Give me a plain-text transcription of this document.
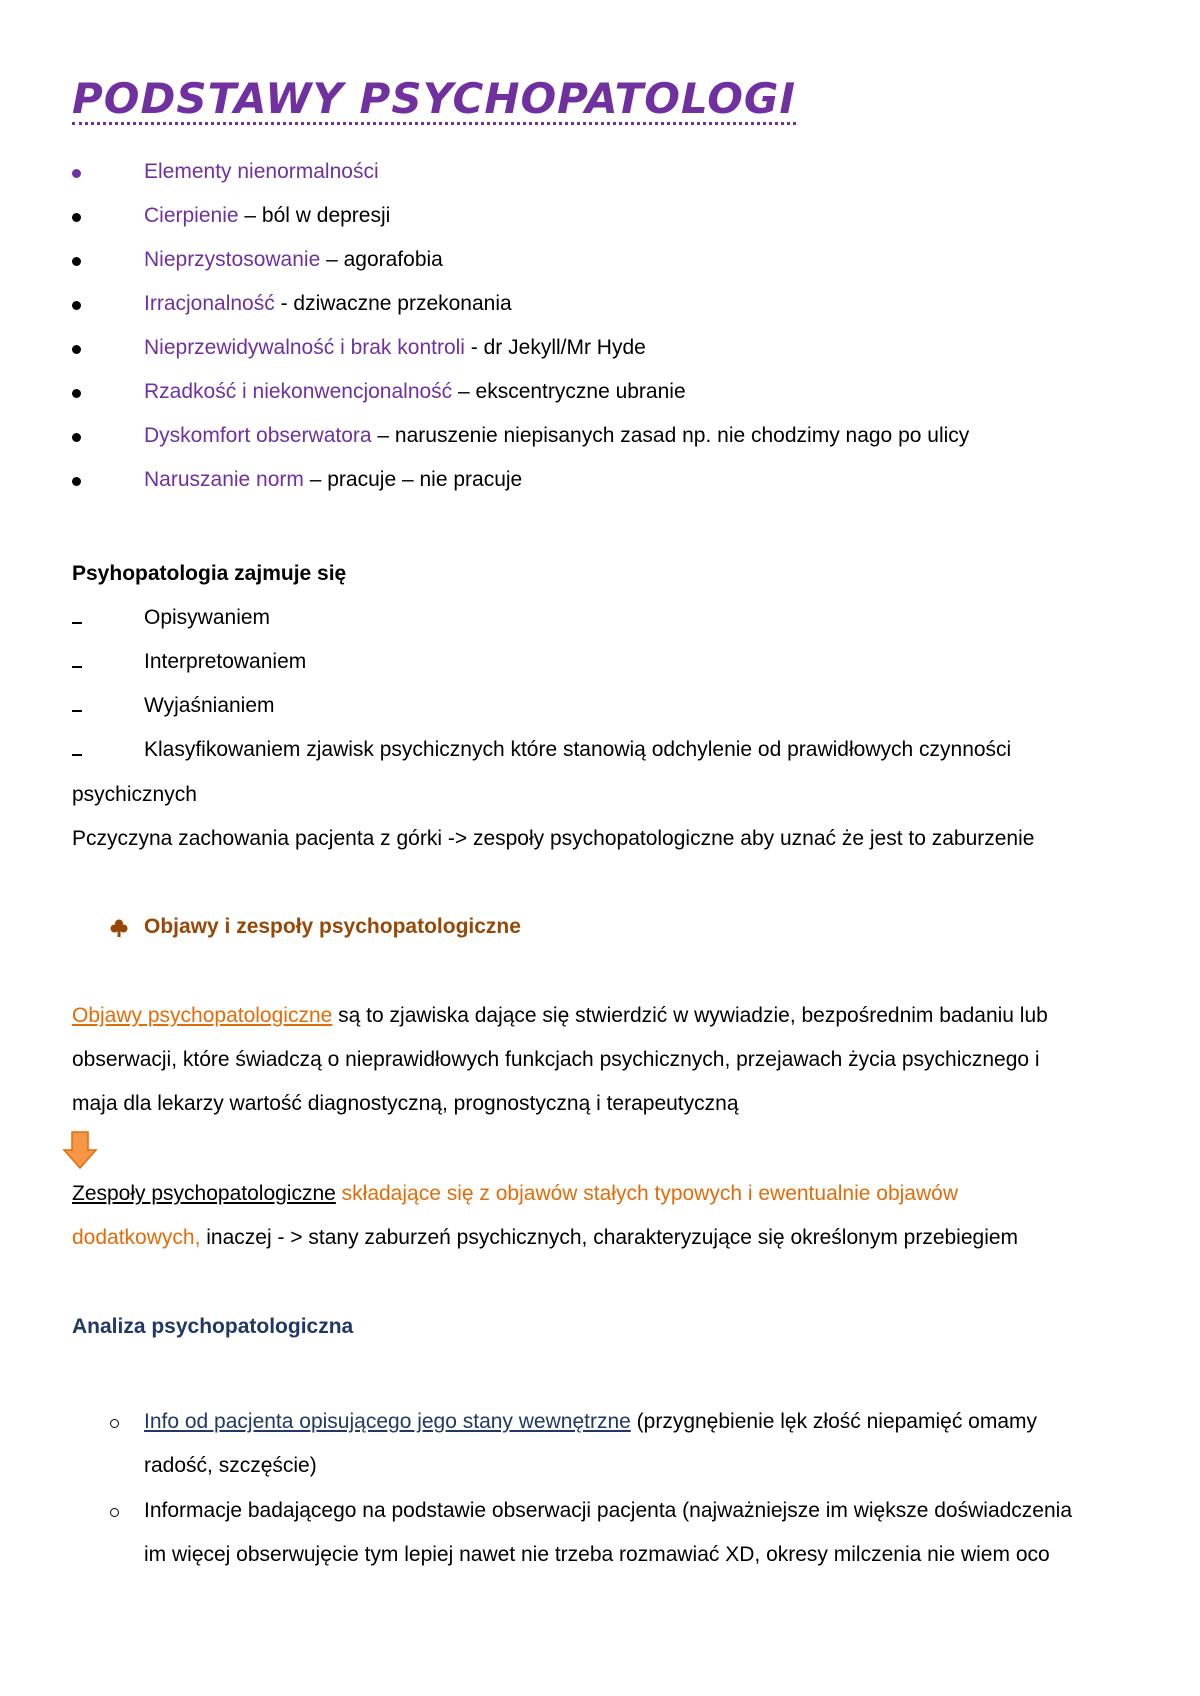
PODSTAWY PSYCHOPATOLOGI
Elementy nienormalności
Cierpienie – ból w depresji
Nieprzystosowanie – agorafobia
Irracjonalność - dziwaczne przekonania
Nieprzewidywalność i brak kontroli - dr Jekyll/Mr Hyde
Rzadkość i niekonwencjonalność – ekscentryczne ubranie
Dyskomfort obserwatora – naruszenie niepisanych zasad np. nie chodzimy nago po ulicy
Naruszanie norm – pracuje – nie pracuje
Psyhopatologia zajmuje się
Opisywaniem
Interpretowaniem
Wyjaśnianiem
Klasyfikowaniem zjawisk psychicznych które stanowią odchylenie od prawidłowych czynności
psychicznych
Pczyczyna zachowania pacjenta z górki -> zespoły psychopatologiczne aby uznać że jest to zaburzenie
Objawy i zespoły psychopatologiczne
Objawy psychopatologiczne są to zjawiska dające się stwierdzić w wywiadzie, bezpośrednim badaniu lub
obserwacji, które świadczą o nieprawidłowych funkcjach psychicznych, przejawach życia psychicznego i
maja dla lekarzy wartość diagnostyczną, prognostyczną i terapeutyczną
Zespoły psychopatologiczne składające się z objawów stałych typowych i ewentualnie objawów
dodatkowych, inaczej - > stany zaburzeń psychicznych, charakteryzujące się określonym przebiegiem
Analiza psychopatologiczna
Info od pacjenta opisującego jego stany wewnętrzne (przygnębienie lęk złość niepamięć omamy
radość, szczęście)
Informacje badającego na podstawie obserwacji pacjenta (najważniejsze im większe doświadczenia
im więcej obserwujęcie tym lepiej nawet nie trzeba rozmawiać XD, okresy milczenia nie wiem oco
